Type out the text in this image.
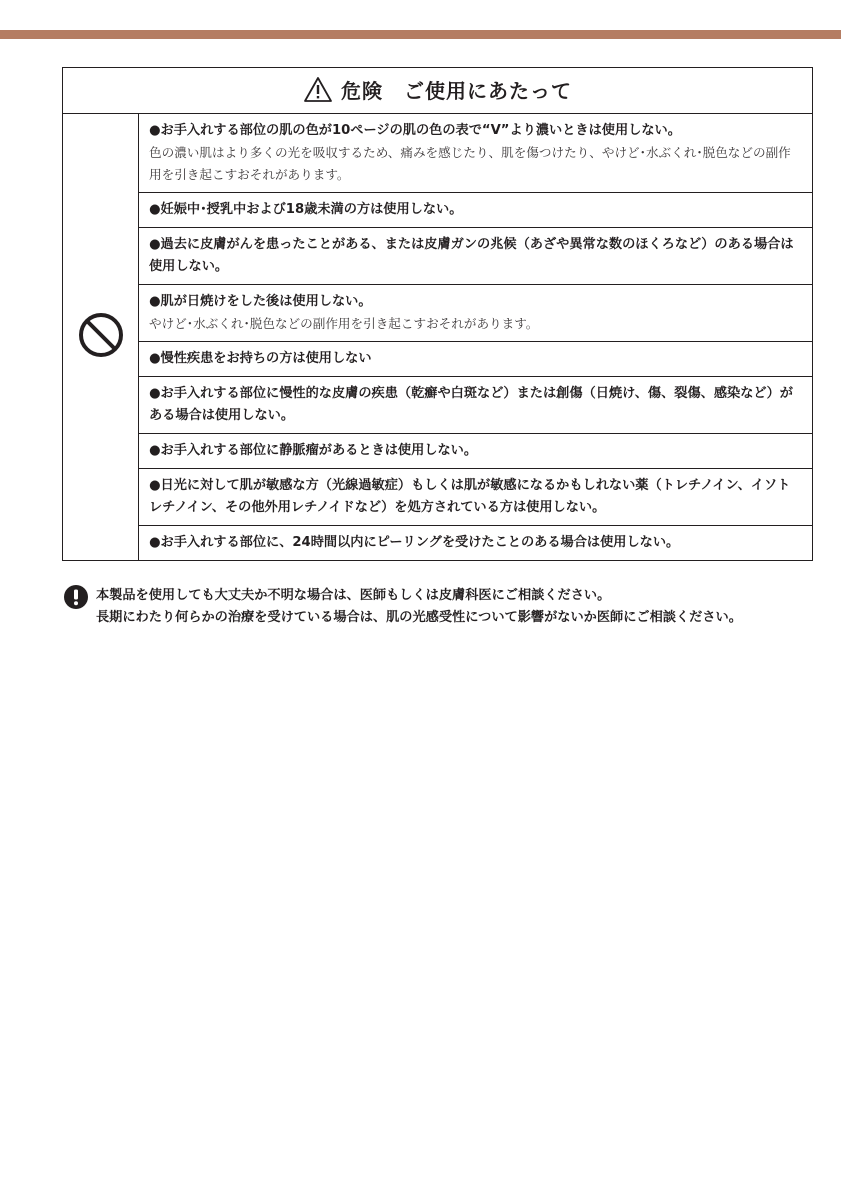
危険　ご使用にあたって

●お手入れする部位の肌の色が10ページの肌の色の表で“V”より濃いときは使用しない。
色の濃い肌はより多くの光を吸収するため、痛みを感じたり、肌を傷つけたり、やけど･水ぶくれ･脱色などの副作用を引き起こすおそれがあります。

●妊娠中･授乳中および18歳未満の方は使用しない。

●過去に皮膚がんを患ったことがある、または皮膚ガンの兆候（あざや異常な数のほくろなど）のある場合は使用しない。

●肌が日焼けをした後は使用しない。
やけど･水ぶくれ･脱色などの副作用を引き起こすおそれがあります。

●慢性疾患をお持ちの方は使用しない

●お手入れする部位に慢性的な皮膚の疾患（乾癬や白斑など）または創傷（日焼け、傷、裂傷、感染など）がある場合は使用しない。

●お手入れする部位に静脈瘤があるときは使用しない。

●日光に対して肌が敏感な方（光線過敏症）もしくは肌が敏感になるかもしれない薬（トレチノイン、イソトレチノイン、その他外用レチノイドなど）を処方されている方は使用しない。

●お手入れする部位に、24時間以内にピーリングを受けたことのある場合は使用しない。
本製品を使用しても大丈夫か不明な場合は、医師もしくは皮膚科医にご相談ください。
長期にわたり何らかの治療を受けている場合は、肌の光感受性について影響がないか医師にご相談ください。
